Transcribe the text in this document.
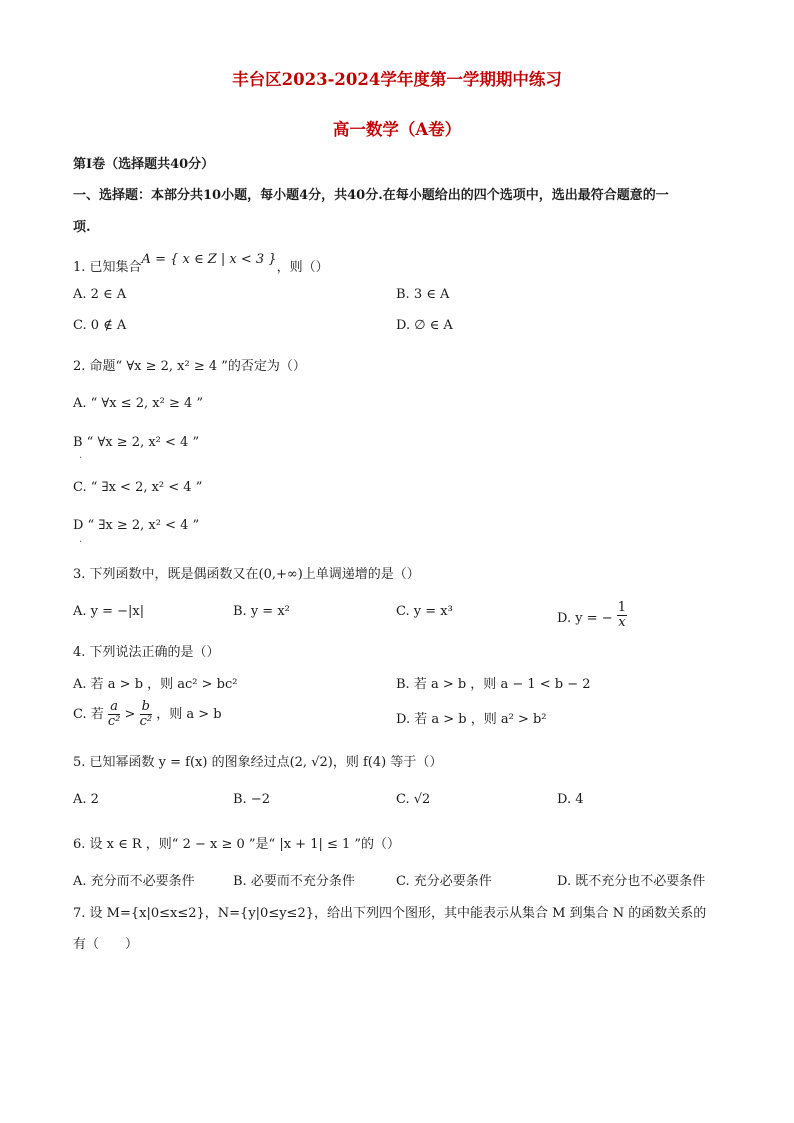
丰台区2023-2024学年度第一学期期中练习
高一数学（A卷）
第Ⅰ卷（选择题共40分）
一、选择题：本部分共10小题，每小题4分，共40分.在每小题给出的四个选项中，选出最符合题意的一
项.
1. 已知集合A = { x ∈ Z | x < 3 }，则（）
A. 2 ∈ A	B. 3 ∈ A
C. 0 ∉ A	D. ∅ ∈ A
2. 命题“ ∀x ≥ 2, x² ≥ 4 ”的否定为（）
A. “ ∀x ≤ 2, x² ≥ 4 ”
B “ ∀x ≥ 2, x² < 4 ”
.
C. “ ∃x < 2, x² < 4 ”
D “ ∃x ≥ 2, x² < 4 ”
.
3. 下列函数中，既是偶函数又在(0,+∞)上单调递增的是（）
A. y = −|x|	B. y = x²	C. y = x³	D. y = − $\frac{1}{x}$
4. 下列说法正确的是（）
A. 若 a > b ，则 ac² > bc²	B. 若 a > b ，则 a − 1 < b − 2
C. 若 $\frac{a}{\text{c²}} > \frac{b}{\text{c²}}$ ，则 a > b	D. 若 a > b ，则 a² > b²
5. 已知幂函数 y = f(x) 的图象经过点(2, √2)，则 f(4) 等于（）
A. 2	B. −2	C. √2	D. 4
6. 设 x ∈ R ，则“ 2 − x ≥ 0 ”是“ |x + 1| ≤ 1 ”的（）
A. 充分而不必要条件	B. 必要而不充分条件	C. 充分必要条件	D. 既不充分也不必要条件
7. 设 M={x|0≤x≤2}，N={y|0≤y≤2}，给出下列四个图形，其中能表示从集合 M 到集合 N 的函数关系的
有（　　）
